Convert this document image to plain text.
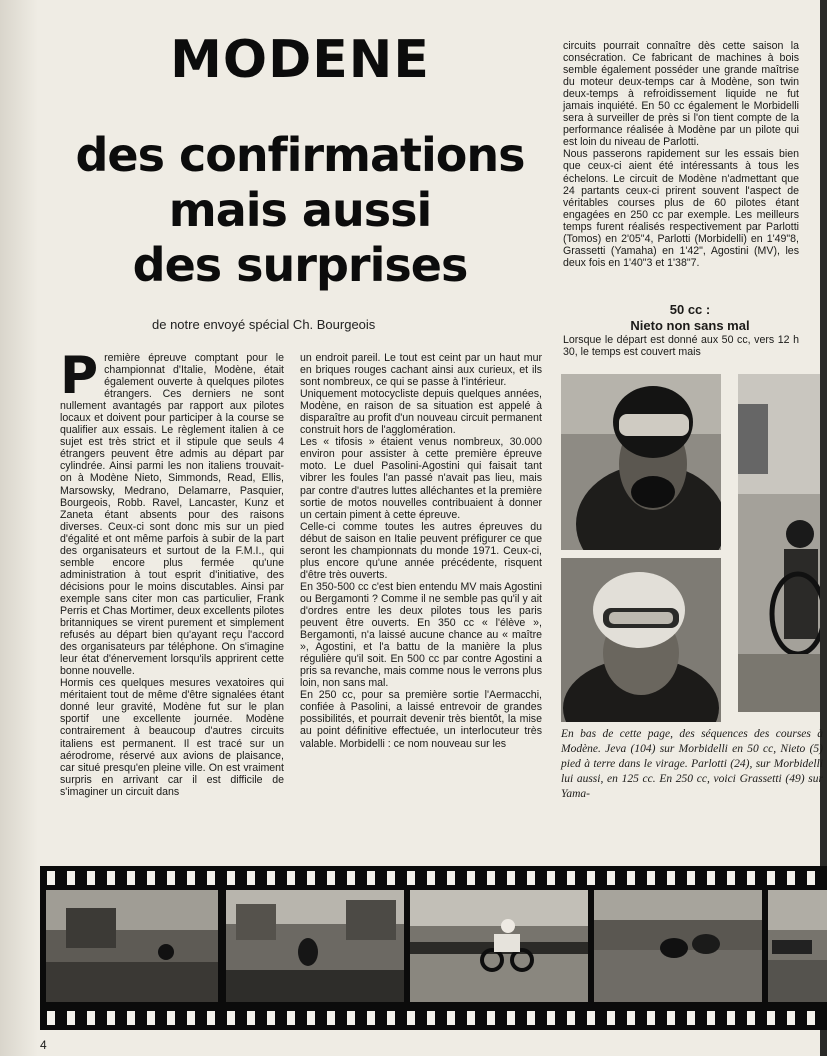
MODENE
des confirmations
mais aussi
des surprises
de notre envoyé spécial Ch. Bourgeois
P remière épreuve comptant pour le championnat d'Italie, Modène, était également ouverte à quelques pilotes étrangers. Ces derniers ne sont nullement avantagés par rapport aux pilotes locaux et doivent pour participer à la course se qualifier aux essais. Le règlement italien à ce sujet est très strict et il stipule que seuls 4 étrangers peuvent être admis au départ par cylindrée. Ainsi parmi les non italiens trouvait-on à Modène Nieto, Simmonds, Read, Ellis, Marsowsky, Medrano, Delamarre, Pasquier, Bourgeois, Robb. Ravel, Lancaster, Kunz et Zaneta étant absents pour des raisons diverses. Ceux-ci sont donc mis sur un pied d'égalité et ont même parfois à subir de la part des organisateurs et surtout de la F.M.I., qui semble encore plus fermée qu'une administration à tout esprit d'initiative, des décisions pour le moins discutables. Ainsi par exemple sans citer mon cas particulier, Frank Perris et Chas Mortimer, deux excellents pilotes britanniques se virent purement et simplement refusés au départ bien qu'ayant reçu l'accord des organisateurs par téléphone. On s'imagine leur état d'énervement lorsqu'ils apprirent cette bonne nouvelle.
Hormis ces quelques mesures vexatoires qui méritaient tout de même d'être signalées étant donné leur gravité, Modène fut sur le plan sportif une excellente journée. Modène contrairement à beaucoup d'autres circuits italiens est permanent. Il est tracé sur un aérodrome, réservé aux avions de plaisance, car situé presqu'en pleine ville. On est vraiment surpris en arrivant car il est difficile de s'imaginer un circuit dans

un endroit pareil. Le tout est ceint par un haut mur en briques rouges cachant ainsi aux curieux, et ils sont nombreux, ce qui se passe à l'intérieur.
Uniquement motocycliste depuis quelques années, Modène, en raison de sa situation est appelé à disparaître au profit d'un nouveau circuit permanent construit hors de l'agglomération.
Les « tifosis » étaient venus nombreux, 30.000 environ pour assister à cette première épreuve moto. Le duel Pasolini-Agostini qui faisait tant vibrer les foules l'an passé n'avait pas lieu, mais par contre d'autres luttes alléchantes et la première sortie de motos nouvelles contribuaient à donner un certain piment à cette épreuve.
Celle-ci comme toutes les autres épreuves du début de saison en Italie peuvent préfigurer ce que seront les championnats du monde 1971. Ceux-ci, plus encore qu'une année précédente, risquent d'être très ouverts.
En 350-500 cc c'est bien entendu MV mais Agostini ou Bergamonti ? Comme il ne semble pas qu'il y ait d'ordres entre les deux pilotes tous les paris peuvent être ouverts. En 350 cc « l'élève », Bergamonti, n'a laissé aucune chance au « maître », Agostini, et l'a battu de la manière la plus régulière qu'il soit. En 500 cc par contre Agostini a pris sa revanche, mais comme nous le verrons plus loin, non sans mal.
En 250 cc, pour sa première sortie l'Aermacchi, confiée à Pasolini, a laissé entrevoir de grandes possibilités, et pourrait devenir très bientôt, la mise au point définitive effectuée, un interlocuteur très valable. Morbidelli : ce nom nouveau sur les

circuits pourrait connaître dès cette saison la consécration. Ce fabricant de machines à bois semble également posséder une grande maîtrise du moteur deux-temps car à Modène, son twin deux-temps à refroidissement liquide ne fut jamais inquiété. En 50 cc également le Morbidelli sera à surveiller de près si l'on tient compte de la performance réalisée à Modène par un pilote qui est loin du niveau de Parlotti.
Nous passerons rapidement sur les essais bien que ceux-ci aient été intéressants à tous les échelons. Le circuit de Modène n'admettant que 24 partants ceux-ci prirent souvent l'aspect de véritables courses plus de 60 pilotes étant engagées en 250 cc par exemple. Les meilleurs temps furent réalisés respectivement par Parlotti (Tomos) en 2'05"4, Parlotti (Morbidelli) en 1'49"8, Grassetti (Yamaha) en 1'42", Agostini (MV), les deux fois en 1'40"3 et 1'38"7.

50 cc :
Nieto non sans mal

Lorsque le départ est donné aux 50 cc, vers 12 h 30, le temps est couvert mais

En bas de cette page, des séquences des courses à Modène. Jeva (104) sur Morbidelli en 50 cc, Nieto (5) pied à terre dans le virage. Parlotti (24), sur Morbidelli lui aussi, en 125 cc. En 250 cc, voici Grassetti (49) sur Yama-
4
